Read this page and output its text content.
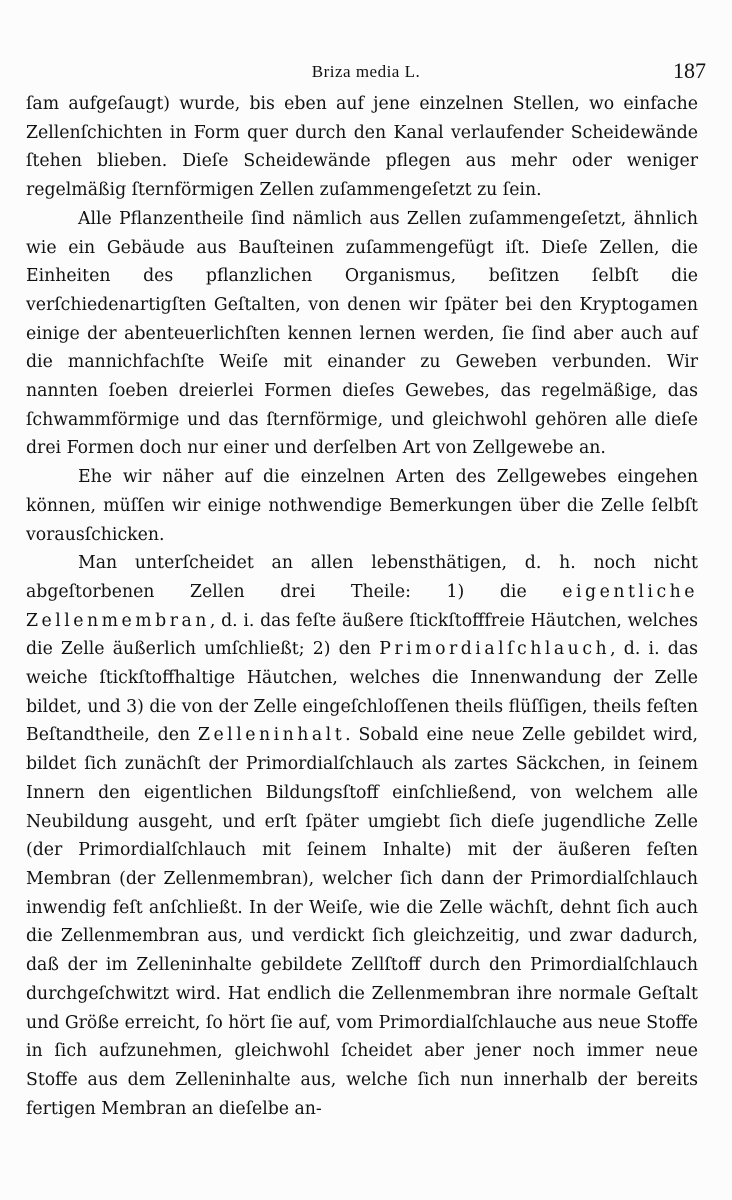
Briza media L.	187

ſam aufgeſaugt) wurde, bis eben auf jene einzelnen Stellen, wo einfache Zellenſchichten in Form quer durch den Kanal verlaufender Scheidewände ſtehen blieben. Dieſe Scheidewände pflegen aus mehr oder weniger regelmäßig ſternförmigen Zellen zuſammengeſetzt zu ſein.

Alle Pflanzentheile ſind nämlich aus Zellen zuſammengeſetzt, ähnlich wie ein Gebäude aus Bauſteinen zuſammengefügt iſt. Dieſe Zellen, die Einheiten des pflanzlichen Organismus, beſitzen ſelbſt die verſchiedenartigſten Geſtalten, von denen wir ſpäter bei den Kryptogamen einige der abenteuerlichſten kennen lernen werden, ſie ſind aber auch auf die mannichfachſte Weiſe mit einander zu Geweben verbunden. Wir nannten ſoeben dreierlei Formen dieſes Gewebes, das regelmäßige, das ſchwammförmige und das ſternförmige, und gleichwohl gehören alle dieſe drei Formen doch nur einer und derſelben Art von Zellgewebe an.

Ehe wir näher auf die einzelnen Arten des Zellgewebes eingehen können, müſſen wir einige nothwendige Bemerkungen über die Zelle ſelbſt vorausſchicken.

Man unterſcheidet an allen lebensthätigen, d. h. noch nicht abgeſtorbenen Zellen drei Theile: 1) die eigentliche Zellenmembran, d. i. das feſte äußere ſtickſtofffreie Häutchen, welches die Zelle äußerlich umſchließt; 2) den Primordialſchlauch, d. i. das weiche ſtickſtoffhaltige Häutchen, welches die Innenwandung der Zelle bildet, und 3) die von der Zelle eingeſchloſſenen theils flüſſigen, theils feſten Beſtandtheile, den Zelleninhalt. Sobald eine neue Zelle gebildet wird, bildet ſich zunächſt der Primordialſchlauch als zartes Säckchen, in ſeinem Innern den eigentlichen Bildungsſtoff einſchließend, von welchem alle Neubildung ausgeht, und erſt ſpäter umgiebt ſich dieſe jugendliche Zelle (der Primordialſchlauch mit ſeinem Inhalte) mit der äußeren feſten Membran (der Zellenmembran), welcher ſich dann der Primordialſchlauch inwendig feſt anſchließt. In der Weiſe, wie die Zelle wächſt, dehnt ſich auch die Zellenmembran aus, und verdickt ſich gleichzeitig, und zwar dadurch, daß der im Zelleninhalte gebildete Zellſtoff durch den Primordialſchlauch durchgeſchwitzt wird. Hat endlich die Zellenmembran ihre normale Geſtalt und Größe erreicht, ſo hört ſie auf, vom Primordialſchlauche aus neue Stoffe in ſich aufzunehmen, gleichwohl ſcheidet aber jener noch immer neue Stoffe aus dem Zelleninhalte aus, welche ſich nun innerhalb der bereits fertigen Membran an dieſelbe an-
